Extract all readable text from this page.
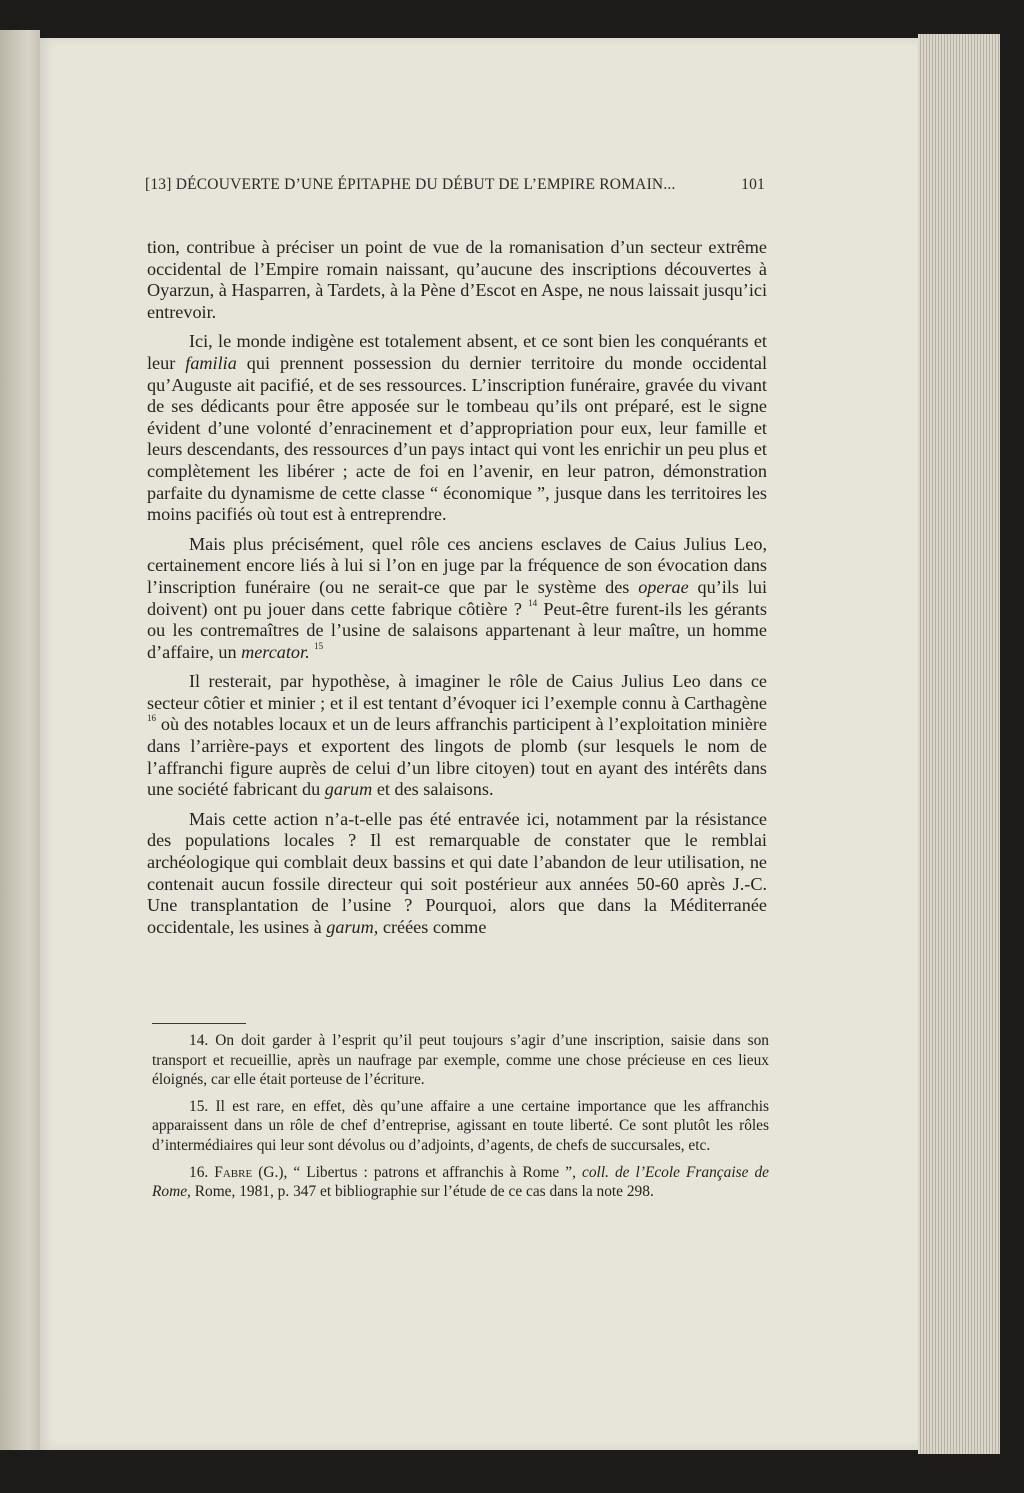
[13] DÉCOUVERTE D’UNE ÉPITAPHE DU DÉBUT DE L’EMPIRE ROMAIN...	101

tion, contribue à préciser un point de vue de la romanisation d’un secteur extrême occidental de l’Empire romain naissant, qu’aucune des inscriptions découvertes à Oyarzun, à Hasparren, à Tardets, à la Pène d’Escot en Aspe, ne nous laissait jusqu’ici entrevoir.

Ici, le monde indigène est totalement absent, et ce sont bien les conquérants et leur familia qui prennent possession du dernier territoire du monde occidental qu’Auguste ait pacifié, et de ses ressources. L’inscription funéraire, gravée du vivant de ses dédicants pour être apposée sur le tombeau qu’ils ont préparé, est le signe évident d’une volonté d’enracinement et d’appropriation pour eux, leur famille et leurs descendants, des ressources d’un pays intact qui vont les enrichir un peu plus et complètement les libérer ; acte de foi en l’avenir, en leur patron, démonstration parfaite du dynamisme de cette classe “ économique ”, jusque dans les territoires les moins pacifiés où tout est à entreprendre.

Mais plus précisément, quel rôle ces anciens esclaves de Caius Julius Leo, certainement encore liés à lui si l’on en juge par la fréquence de son évocation dans l’inscription funéraire (ou ne serait-ce que par le système des operae qu’ils lui doivent) ont pu jouer dans cette fabrique côtière ? $^{14}$ Peut-être furent-ils les gérants ou les contremaîtres de l’usine de salaisons appartenant à leur maître, un homme d’affaire, un mercator. $^{15}$

Il resterait, par hypothèse, à imaginer le rôle de Caius Julius Leo dans ce secteur côtier et minier ; et il est tentant d’évoquer ici l’exemple connu à Carthagène $^{16}$ où des notables locaux et un de leurs affranchis participent à l’exploitation minière dans l’arrière-pays et exportent des lingots de plomb (sur lesquels le nom de l’affranchi figure auprès de celui d’un libre citoyen) tout en ayant des intérêts dans une société fabricant du garum et des salaisons.

Mais cette action n’a-t-elle pas été entravée ici, notamment par la résistance des populations locales ? Il est remarquable de constater que le remblai archéologique qui comblait deux bassins et qui date l’abandon de leur utilisation, ne contenait aucun fossile directeur qui soit postérieur aux années 50-60 après J.-C. Une transplantation de l’usine ? Pourquoi, alors que dans la Méditerranée occidentale, les usines à garum, créées comme

14. On doit garder à l’esprit qu’il peut toujours s’agir d’une inscription, saisie dans son transport et recueillie, après un naufrage par exemple, comme une chose précieuse en ces lieux éloignés, car elle était porteuse de l’écriture.

15. Il est rare, en effet, dès qu’une affaire a une certaine importance que les affranchis apparaissent dans un rôle de chef d’entreprise, agissant en toute liberté. Ce sont plutôt les rôles d’intermédiaires qui leur sont dévolus ou d’adjoints, d’agents, de chefs de succursales, etc.

16. Fabre (G.), “ Libertus : patrons et affranchis à Rome ”, coll. de l’Ecole Française de Rome, Rome, 1981, p. 347 et bibliographie sur l’étude de ce cas dans la note 298.
